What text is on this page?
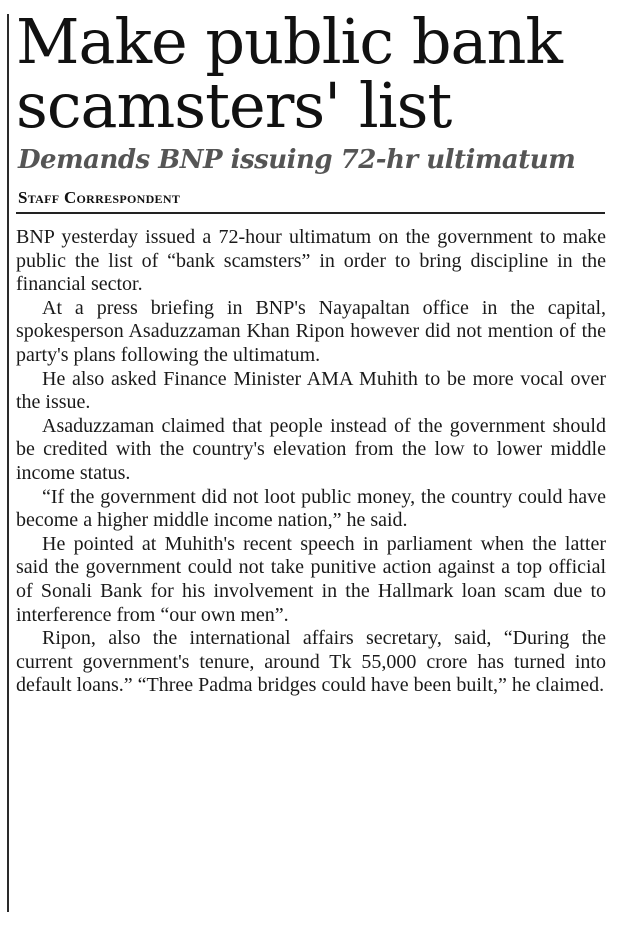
Make public bank
scamsters' list
Demands BNP issuing 72-hr ultimatum
Staff Correspondent

BNP yesterday issued a 72-hour ultimatum on the government to make public the list of “bank scamsters” in order to bring discipline in the financial sector.

At a press briefing in BNP's Nayapaltan office in the capital, spokesperson Asaduzzaman Khan Ripon however did not mention of the party's plans following the ultimatum.

He also asked Finance Minister AMA Muhith to be more vocal over the issue.

Asaduzzaman claimed that people instead of the government should be credited with the country's elevation from the low to lower middle income status.

“If the government did not loot public money, the country could have become a higher middle income nation,” he said.

He pointed at Muhith's recent speech in parliament when the latter said the government could not take punitive action against a top official of Sonali Bank for his involvement in the Hallmark loan scam due to interference from “our own men”.

Ripon, also the international affairs secretary, said, “During the current government's tenure, around Tk 55,000 crore has turned into default loans.” “Three Padma bridges could have been built,” he claimed.
